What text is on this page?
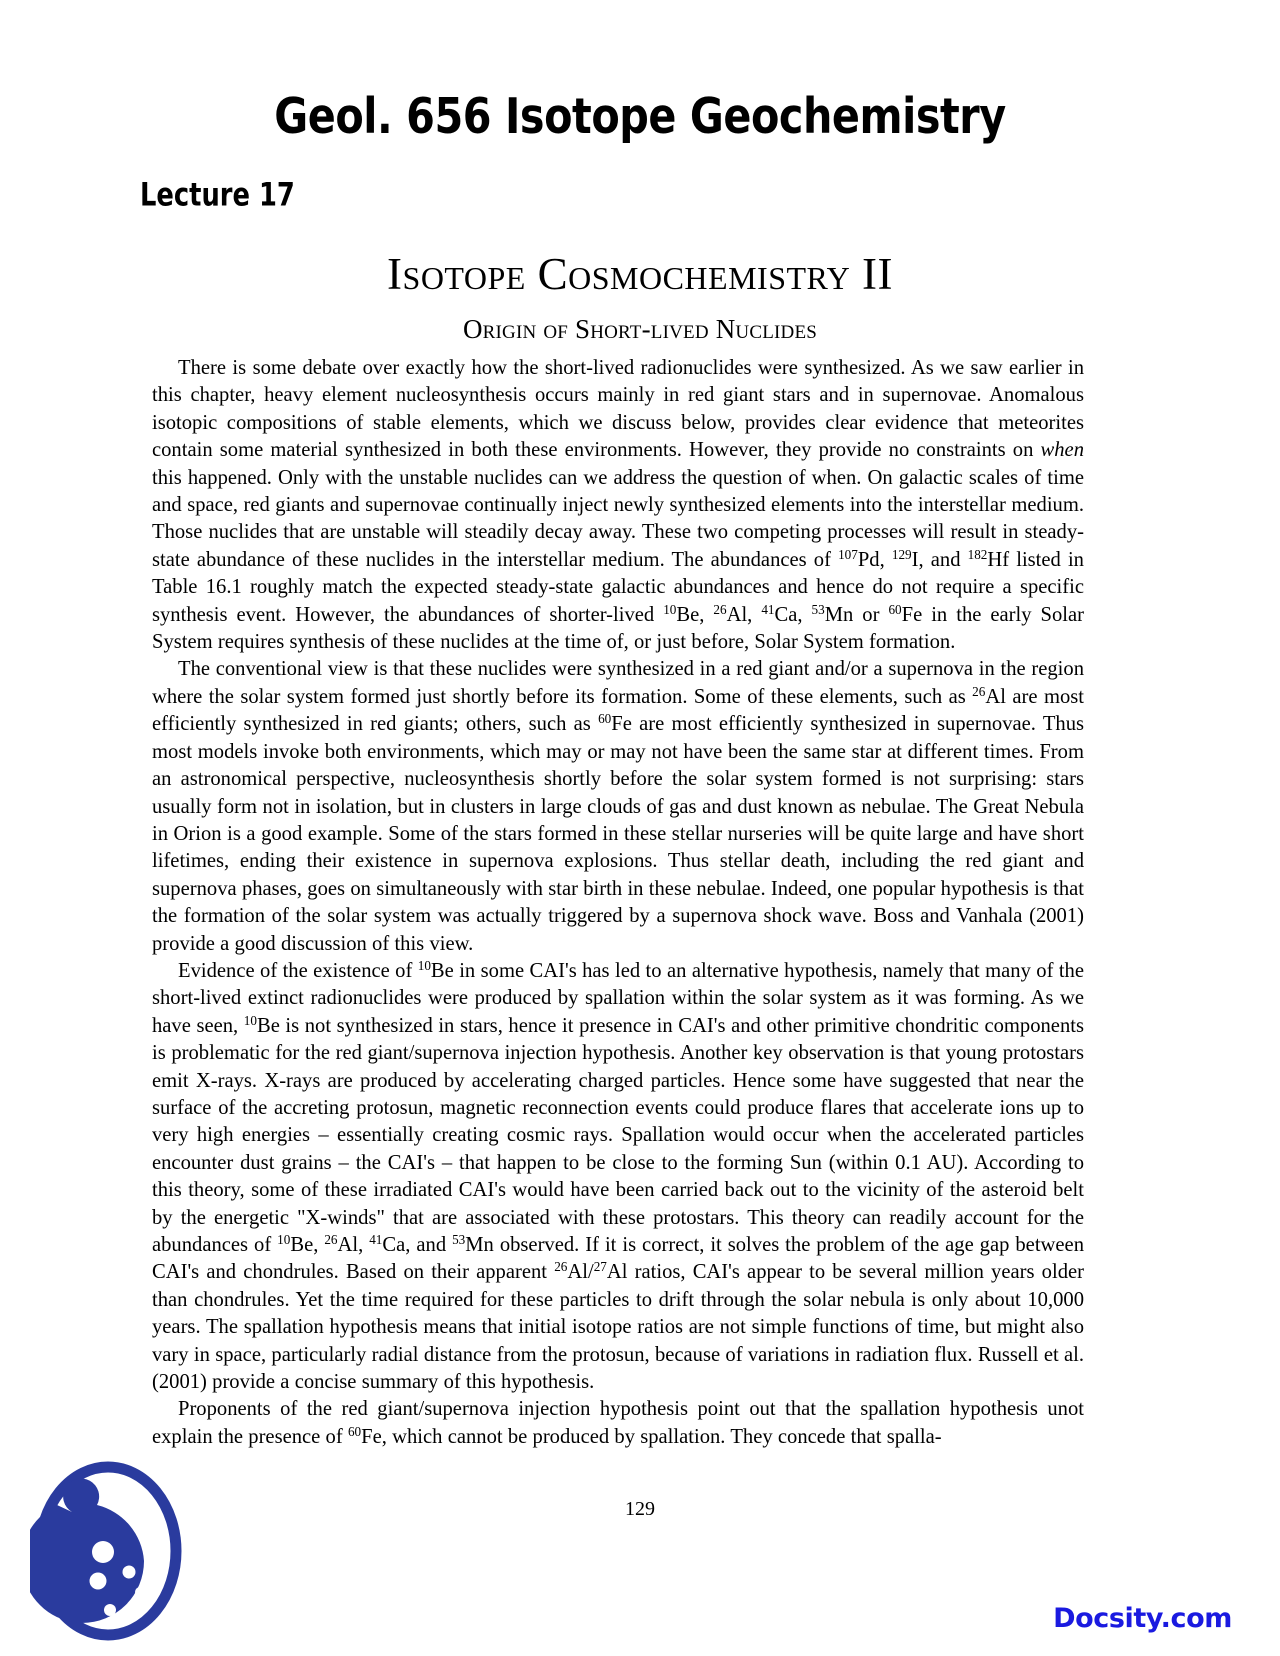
Geol. 656 Isotope Geochemistry
Lecture 17
Isotope Cosmochemistry II
Origin of Short-lived Nuclides

There is some debate over exactly how the short-lived radionuclides were synthesized. As we saw earlier in this chapter, heavy element nucleosynthesis occurs mainly in red giant stars and in supernovae. Anomalous isotopic compositions of stable elements, which we discuss below, provides clear evidence that meteorites contain some material synthesized in both these environments. However, they provide no constraints on when this happened. Only with the unstable nuclides can we address the question of when. On galactic scales of time and space, red giants and supernovae continually inject newly synthesized elements into the interstellar medium. Those nuclides that are unstable will steadily decay away. These two competing processes will result in steady-state abundance of these nuclides in the interstellar medium. The abundances of $^{107}$Pd, $^{129}$I, and $^{182}$Hf listed in Table 16.1 roughly match the expected steady-state galactic abundances and hence do not require a specific synthesis event. However, the abundances of shorter-lived $^{10}$Be, $^{26}$Al, $^{41}$Ca, $^{53}$Mn or $^{60}$Fe in the early Solar System requires synthesis of these nuclides at the time of, or just before, Solar System formation.

The conventional view is that these nuclides were synthesized in a red giant and/or a supernova in the region where the solar system formed just shortly before its formation. Some of these elements, such as $^{26}$Al are most efficiently synthesized in red giants; others, such as $^{60}$Fe are most efficiently synthesized in supernovae. Thus most models invoke both environments, which may or may not have been the same star at different times. From an astronomical perspective, nucleosynthesis shortly before the solar system formed is not surprising: stars usually form not in isolation, but in clusters in large clouds of gas and dust known as nebulae. The Great Nebula in Orion is a good example. Some of the stars formed in these stellar nurseries will be quite large and have short lifetimes, ending their existence in supernova explosions. Thus stellar death, including the red giant and supernova phases, goes on simultaneously with star birth in these nebulae. Indeed, one popular hypothesis is that the formation of the solar system was actually triggered by a supernova shock wave. Boss and Vanhala (2001) provide a good discussion of this view.

Evidence of the existence of $^{10}$Be in some CAI's has led to an alternative hypothesis, namely that many of the short-lived extinct radionuclides were produced by spallation within the solar system as it was forming. As we have seen, $^{10}$Be is not synthesized in stars, hence it presence in CAI's and other primitive chondritic components is problematic for the red giant/supernova injection hypothesis. Another key observation is that young protostars emit X-rays. X-rays are produced by accelerating charged particles. Hence some have suggested that near the surface of the accreting protosun, magnetic reconnection events could produce flares that accelerate ions up to very high energies – essentially creating cosmic rays. Spallation would occur when the accelerated particles encounter dust grains – the CAI's – that happen to be close to the forming Sun (within 0.1 AU). According to this theory, some of these irradiated CAI's would have been carried back out to the vicinity of the asteroid belt by the energetic "X-winds" that are associated with these protostars. This theory can readily account for the abundances of $^{10}$Be, $^{26}$Al, $^{41}$Ca, and $^{53}$Mn observed. If it is correct, it solves the problem of the age gap between CAI's and chondrules. Based on their apparent $^{26}$Al/$^{27}$Al ratios, CAI's appear to be several million years older than chondrules. Yet the time required for these particles to drift through the solar nebula is only about 10,000 years. The spallation hypothesis means that initial isotope ratios are not simple functions of time, but might also vary in space, particularly radial distance from the protosun, because of variations in radiation flux. Russell et al. (2001) provide a concise summary of this hypothesis.

Proponents of the red giant/supernova injection hypothesis point out that the spallation hypothesis unot explain the presence of $^{60}$Fe, which cannot be produced by spallation. They concede that spalla-

129
Docsity.com
